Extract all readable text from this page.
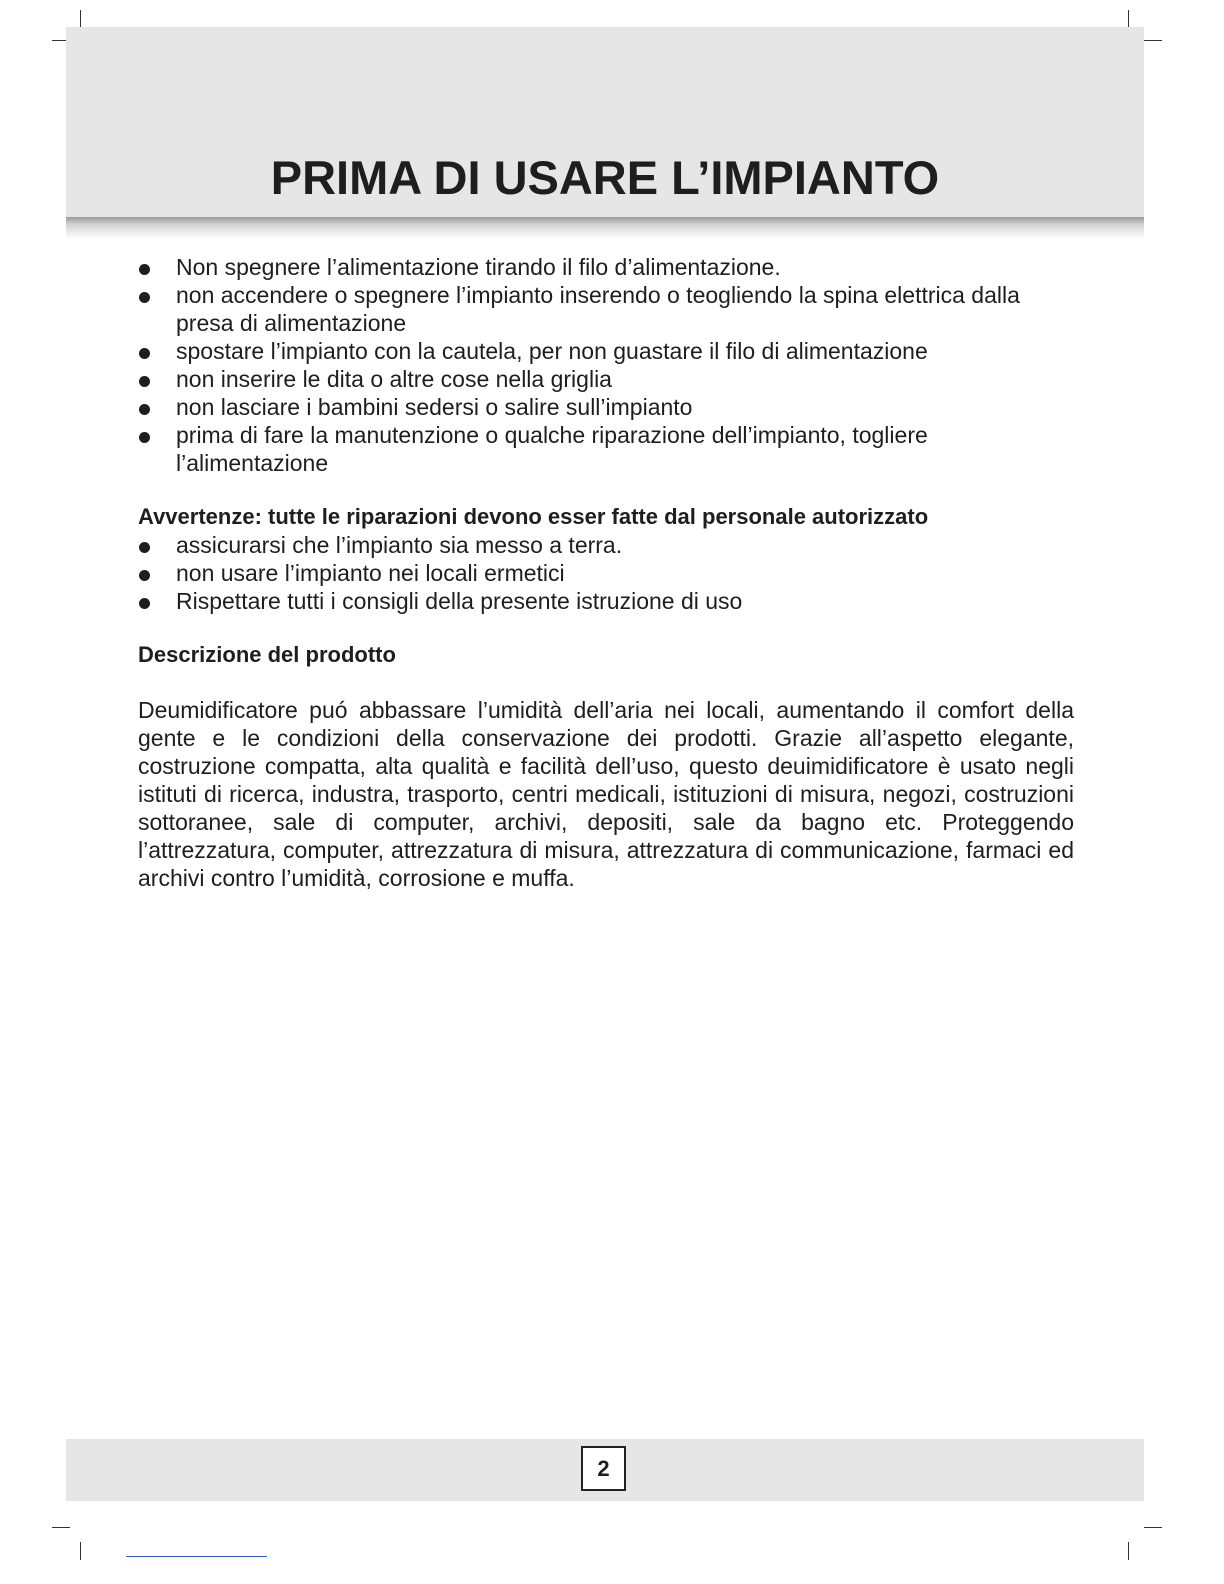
PRIMA DI USARE L’IMPIANTO
Non spegnere l’alimentazione tirando il filo d’alimentazione.
non accendere o spegnere l’impianto inserendo o teogliendo la spina elettrica dalla presa di alimentazione
spostare l’impianto con la cautela, per non guastare il filo di alimentazione
non inserire le dita o altre cose nella griglia
non lasciare i bambini sedersi o salire sull’impianto
prima di fare la manutenzione o qualche riparazione dell’impianto, togliere l’alimentazione

Avvertenze: tutte le riparazioni devono esser fatte dal personale autorizzato

assicurarsi che l’impianto sia messo a terra.
non usare l’impianto nei locali ermetici
Rispettare tutti i consigli della presente istruzione di uso
Descrizione del prodotto

Deumidificatore puó abbassare l’umidità dell’aria nei locali, aumentando il comfort della gente e le condizioni della conservazione dei prodotti. Grazie all’aspetto elegante, costruzione compatta, alta qualità e facilità dell’uso, questo deuimidificatore è usato negli istituti di ricerca, industra, trasporto, centri medicali, istituzioni di misura, negozi, costruzioni sottoranee, sale di computer, archivi, depositi, sale da bagno etc. Proteggendo l’attrezzatura, computer, attrezzatura di misura, attrezzatura di communicazione, farmaci ed archivi contro l’umidità, corrosione e muffa.

2
